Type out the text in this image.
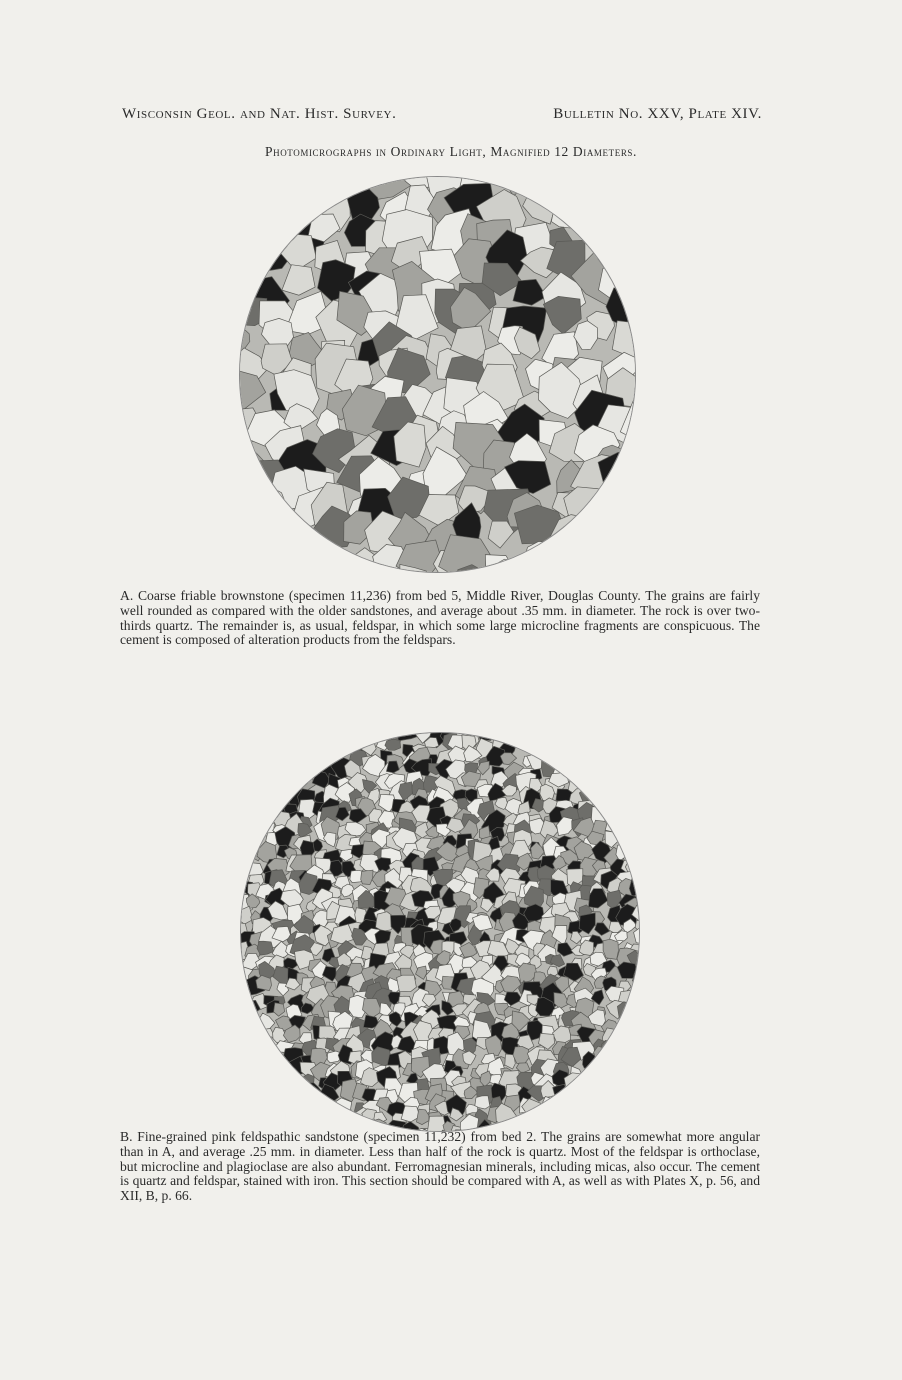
Wisconsin Geol. and Nat. Hist. Survey.	Bulletin No. XXV, Plate XIV.
Photomicrographs in Ordinary Light, Magnified 12 Diameters.

A. Coarse friable brownstone (specimen 11,236) from bed 5, Middle River, Douglas County. The grains are fairly well rounded as compared with the older sandstones, and average about .35 mm. in diameter. The rock is over two-thirds quartz. The remainder is, as usual, feldspar, in which some large microcline fragments are conspicuous. The cement is composed of alteration products from the feldspars.

B. Fine-grained pink feldspathic sandstone (specimen 11,232) from bed 2. The grains are somewhat more angular than in A, and average .25 mm. in diameter. Less than half of the rock is quartz. Most of the feldspar is orthoclase, but microcline and plagioclase are also abundant. Ferromagnesian minerals, including micas, also occur. The cement is quartz and feldspar, stained with iron. This section should be compared with A, as well as with Plates X, p. 56, and XII, B, p. 66.
